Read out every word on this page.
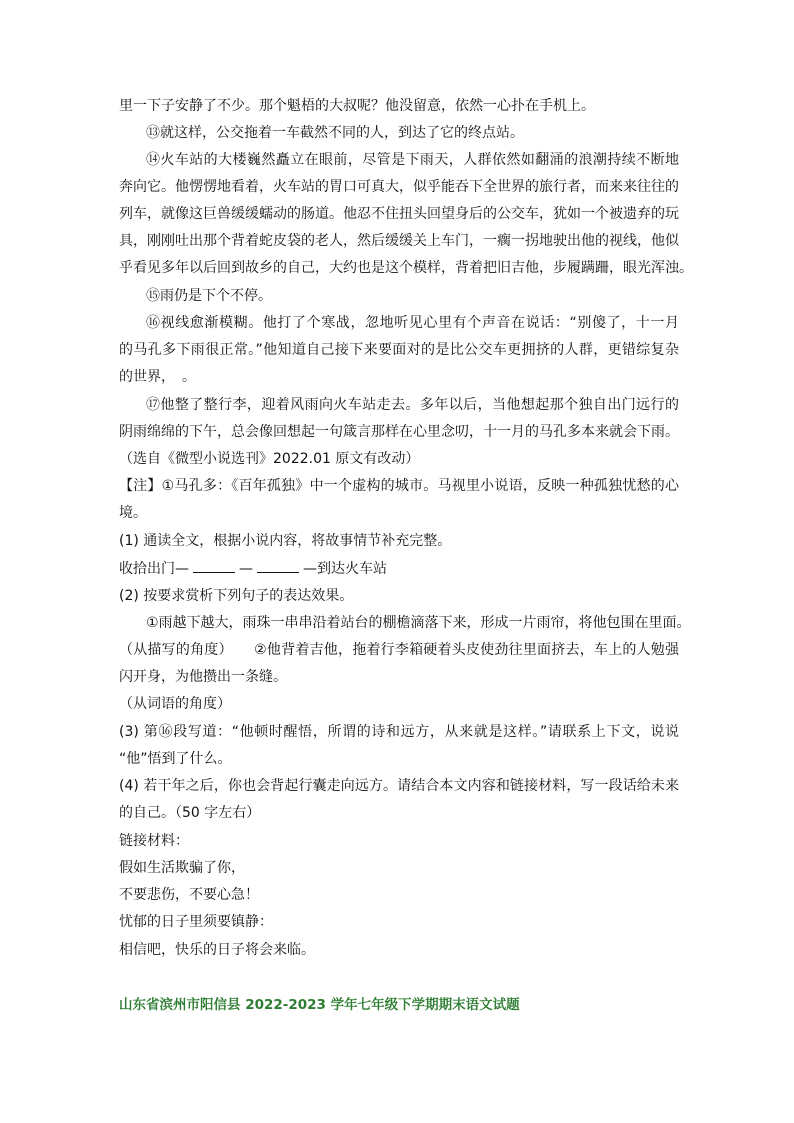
里一下子安静了不少。那个魁梧的大叔呢？他没留意，依然一心扑在手机上。
⑬就这样，公交拖着一车截然不同的人，到达了它的终点站。
⑭火车站的大楼巍然矗立在眼前，尽管是下雨天，人群依然如翻涌的浪潮持续不断地
奔向它。他愣愣地看着，火车站的胃口可真大，似乎能吞下全世界的旅行者，而来来往往的
列车，就像这巨兽缓缓蠕动的肠道。他忍不住扭头回望身后的公交车，犹如一个被遗弃的玩
具，刚刚吐出那个背着蛇皮袋的老人，然后缓缓关上车门，一瘸一拐地驶出他的视线，他似
乎看见多年以后回到故乡的自己，大约也是这个模样，背着把旧吉他，步履蹒跚，眼光浑浊。
⑮雨仍是下个不停。
⑯视线愈渐模糊。他打了个寒战，忽地听见心里有个声音在说话：“别傻了，十一月
的马孔多下雨很正常。”他知道自己接下来要面对的是比公交车更拥挤的人群，更错综复杂
的世界，　。
⑰他整了整行李，迎着风雨向火车站走去。多年以后，当他想起那个独自出门远行的
阴雨绵绵的下午，总会像回想起一句箴言那样在心里念叨，十一月的马孔多本来就会下雨。
（选自《微型小说选刊》2022.01 原文有改动）
【注】①马孔多：《百年孤独》中一个虚构的城市。马视里小说语，反映一种孤独忧愁的心
境。
(1) 通读全文，根据小说内容，将故事情节补充完整。
收拾出门—	—	—到达火车站
(2) 按要求赏析下列句子的表达效果。
①雨越下越大，雨珠一串串沿着站台的棚檐滴落下来，形成一片雨帘，将他包围在里面。
（从描写的角度）　　②他背着吉他，拖着行李箱硬着头皮使劲往里面挤去，车上的人勉强
闪开身，为他攒出一条缝。
（从词语的角度）
(3) 第⑯段写道：“他顿时醒悟，所谓的诗和远方，从来就是这样。”请联系上下文，说说
“他”悟到了什么。
(4) 若干年之后，你也会背起行囊走向远方。请结合本文内容和链接材料，写一段话给未来
的自己。（50 字左右）
链接材料：
假如生活欺骗了你，
不要悲伤，不要心急！
忧郁的日子里须要镇静：
相信吧，快乐的日子将会来临。
山东省滨州市阳信县 2022-2023 学年七年级下学期期末语文试题
